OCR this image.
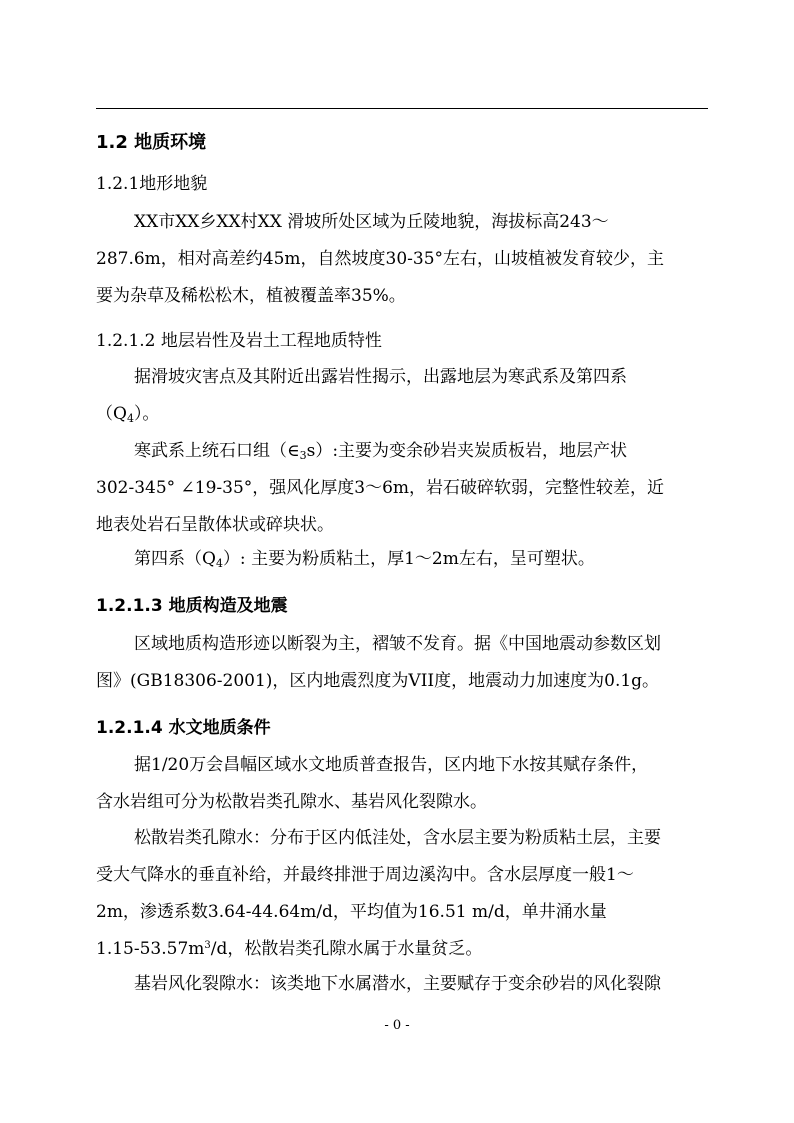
1.2 地质环境
1.2.1地形地貌
XX市XX乡XX村XX 滑坡所处区域为丘陵地貌，海拔标高243～
287.6m，相对高差约45m，自然坡度30-35°左右，山坡植被发育较少，主
要为杂草及稀松松木，植被覆盖率35%。
1.2.1.2 地层岩性及岩土工程地质特性
据滑坡灾害点及其附近出露岩性揭示，出露地层为寒武系及第四系
$(Q_4)$。
寒武系上统石口组$(\in_3s)$:主要为变余砂岩夹炭质板岩，地层产状
302-345° ∠19-35°，强风化厚度3～6m，岩石破碎软弱，完整性较差，近
地表处岩石呈散体状或碎块状。
第四系$(Q_4)$: 主要为粉质粘土，厚1～2m左右，呈可塑状。
1.2.1.3 地质构造及地震
区域地质构造形迹以断裂为主，褶皱不发育。据《中国地震动参数区划
图》(GB18306-2001)，区内地震烈度为VII度，地震动力加速度为0.1g。
1.2.1.4 水文地质条件
据1/20万会昌幅区域水文地质普查报告，区内地下水按其赋存条件，
含水岩组可分为松散岩类孔隙水、基岩风化裂隙水。
松散岩类孔隙水：分布于区内低洼处，含水层主要为粉质粘土层，主要
受大气降水的垂直补给，并最终排泄于周边溪沟中。含水层厚度一般1～
2m，渗透系数3.64-44.64m/d，平均值为16.51 m/d，单井涌水量
$1.15-53.57m^3/d$，松散岩类孔隙水属于水量贫乏。
基岩风化裂隙水：该类地下水属潜水，主要赋存于变余砂岩的风化裂隙
- 0 -
